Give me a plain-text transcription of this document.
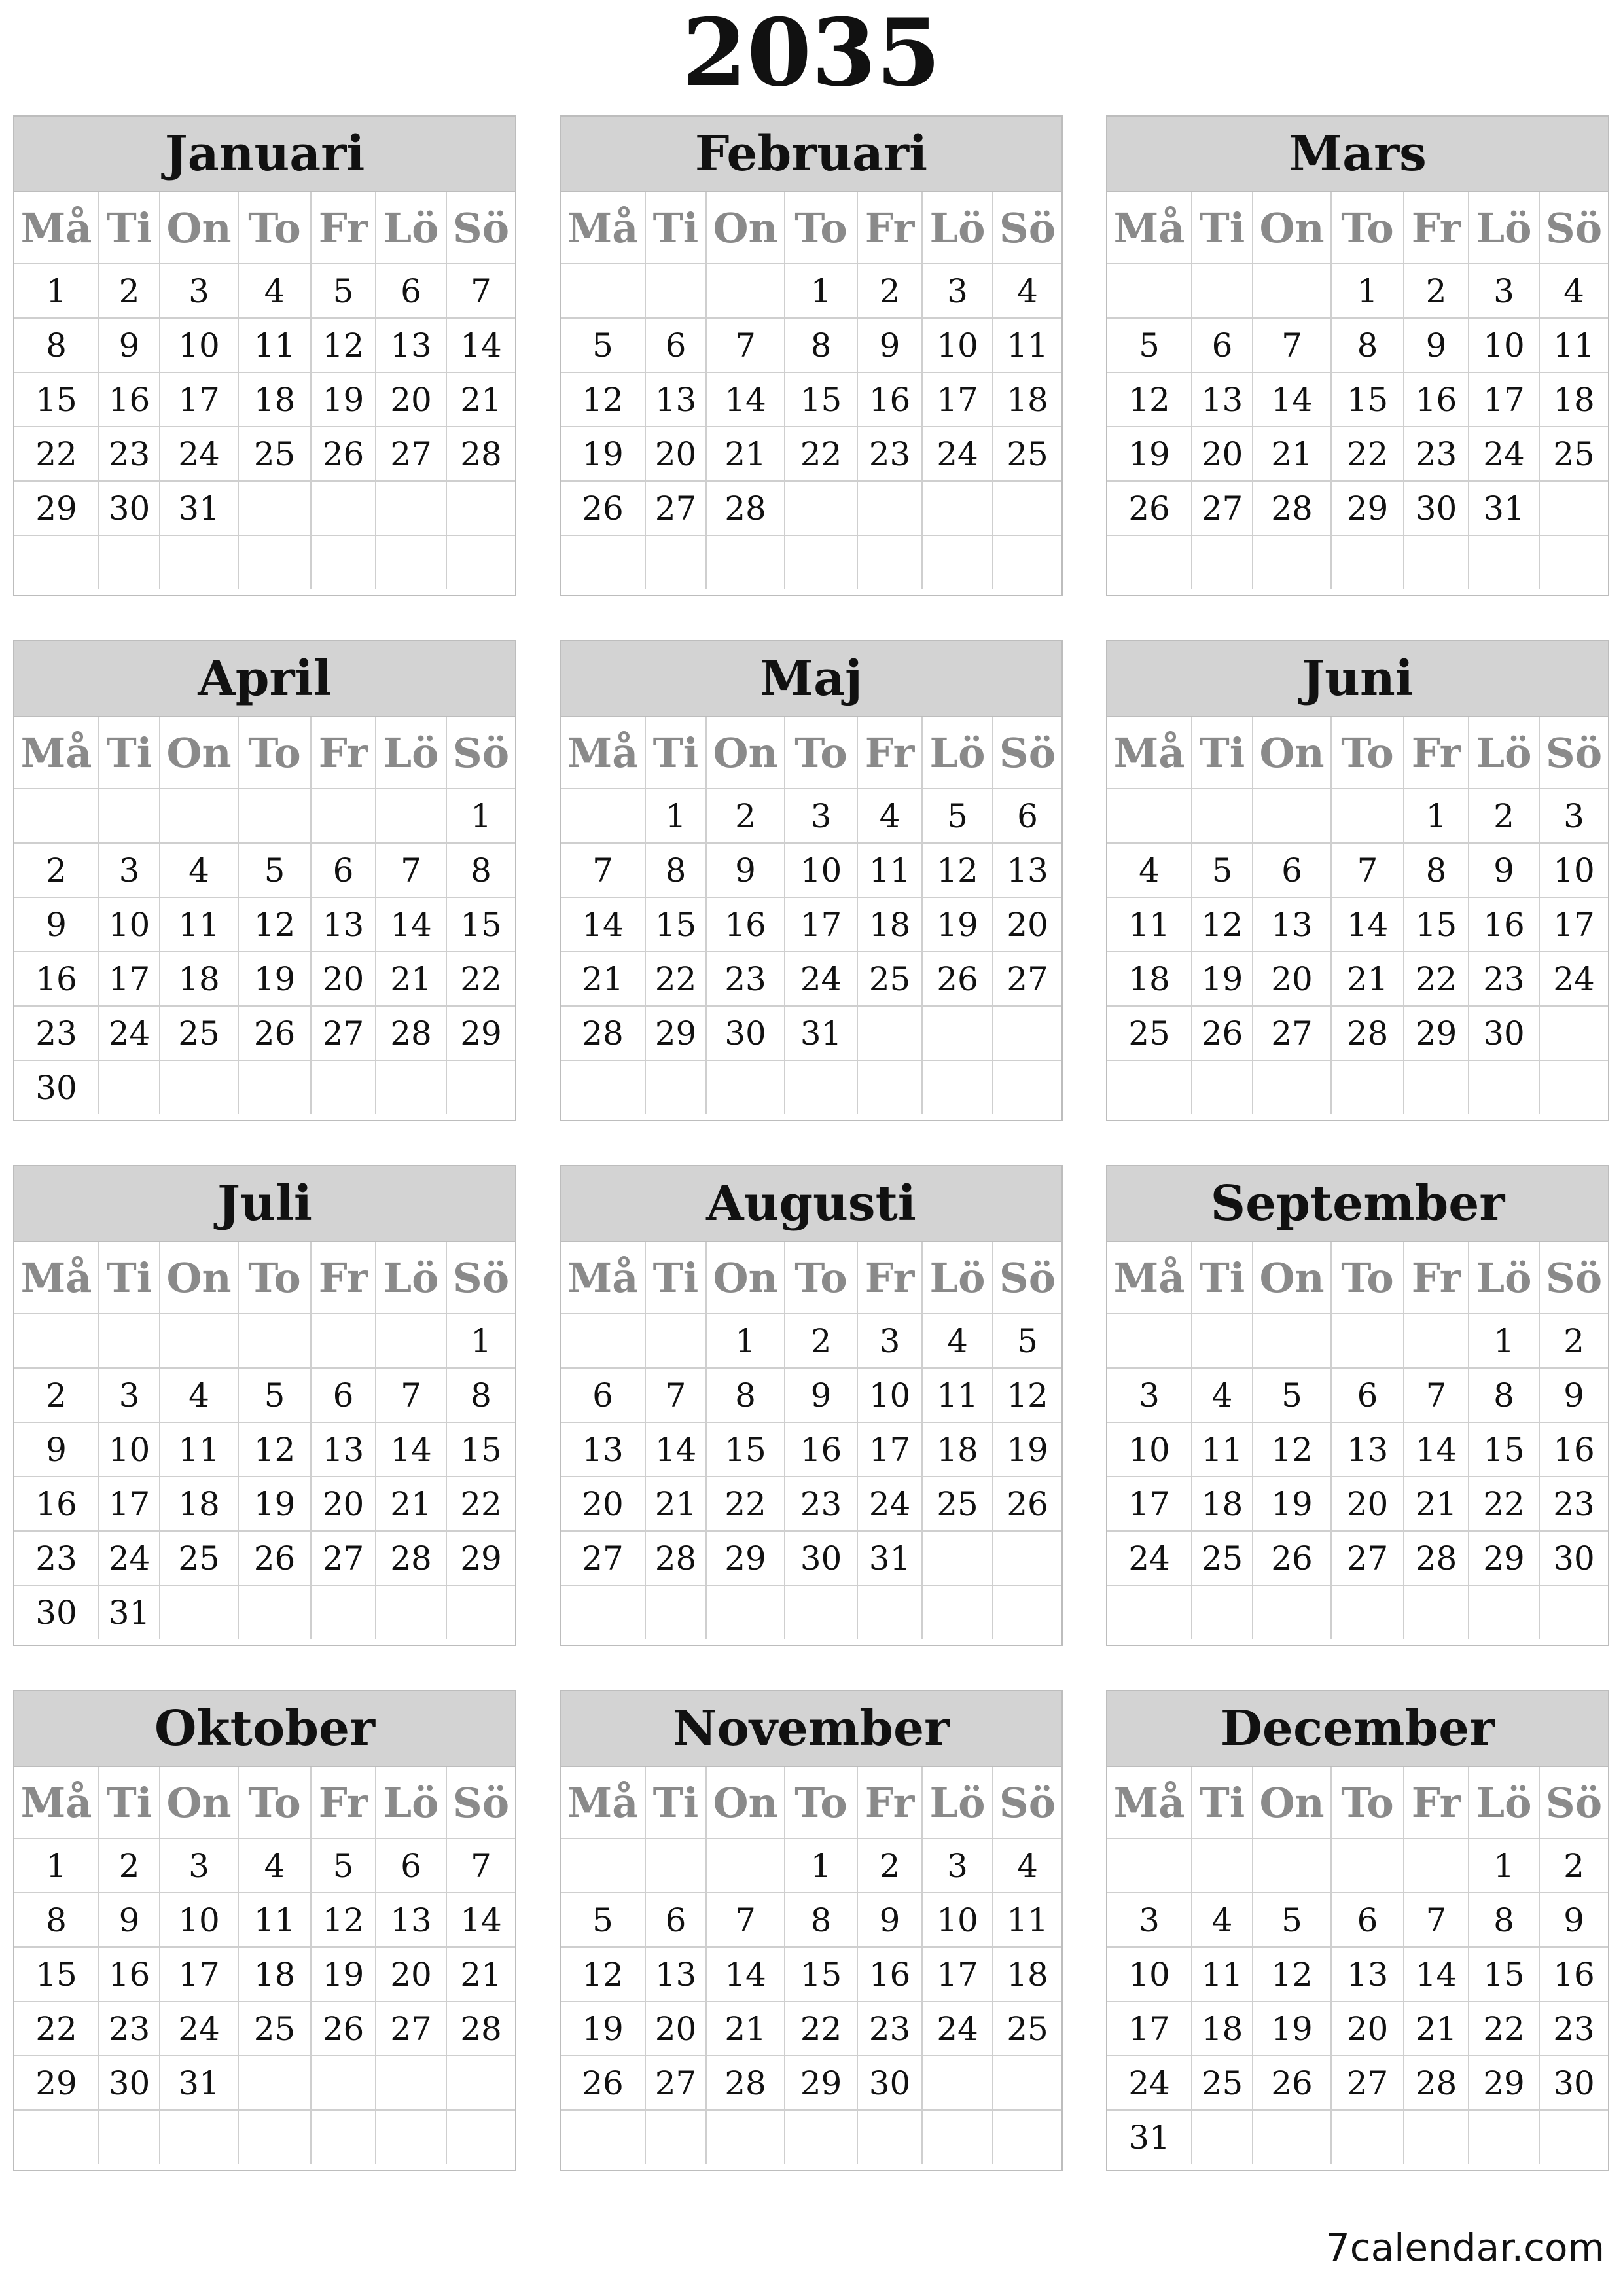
2035
Januari
Må	Ti	On	To	Fr	Lö	Sö
1	2	3	4	5	6	7
8	9	10	11	12	13	14
15	16	17	18	19	20	21
22	23	24	25	26	27	28
29	30	31				

Februari
Må	Ti	On	To	Fr	Lö	Sö
			1	2	3	4
5	6	7	8	9	10	11
12	13	14	15	16	17	18
19	20	21	22	23	24	25
26	27	28				

Mars
Må	Ti	On	To	Fr	Lö	Sö
			1	2	3	4
5	6	7	8	9	10	11
12	13	14	15	16	17	18
19	20	21	22	23	24	25
26	27	28	29	30	31	

April
Må	Ti	On	To	Fr	Lö	Sö
						1
2	3	4	5	6	7	8
9	10	11	12	13	14	15
16	17	18	19	20	21	22
23	24	25	26	27	28	29
30						
Maj
Må	Ti	On	To	Fr	Lö	Sö
	1	2	3	4	5	6
7	8	9	10	11	12	13
14	15	16	17	18	19	20
21	22	23	24	25	26	27
28	29	30	31			

Juni
Må	Ti	On	To	Fr	Lö	Sö
				1	2	3
4	5	6	7	8	9	10
11	12	13	14	15	16	17
18	19	20	21	22	23	24
25	26	27	28	29	30	

Juli
Må	Ti	On	To	Fr	Lö	Sö
						1
2	3	4	5	6	7	8
9	10	11	12	13	14	15
16	17	18	19	20	21	22
23	24	25	26	27	28	29
30	31					
Augusti
Må	Ti	On	To	Fr	Lö	Sö
		1	2	3	4	5
6	7	8	9	10	11	12
13	14	15	16	17	18	19
20	21	22	23	24	25	26
27	28	29	30	31		

September
Må	Ti	On	To	Fr	Lö	Sö
					1	2
3	4	5	6	7	8	9
10	11	12	13	14	15	16
17	18	19	20	21	22	23
24	25	26	27	28	29	30

Oktober
Må	Ti	On	To	Fr	Lö	Sö
1	2	3	4	5	6	7
8	9	10	11	12	13	14
15	16	17	18	19	20	21
22	23	24	25	26	27	28
29	30	31				

November
Må	Ti	On	To	Fr	Lö	Sö
			1	2	3	4
5	6	7	8	9	10	11
12	13	14	15	16	17	18
19	20	21	22	23	24	25
26	27	28	29	30		

December
Må	Ti	On	To	Fr	Lö	Sö
					1	2
3	4	5	6	7	8	9
10	11	12	13	14	15	16
17	18	19	20	21	22	23
24	25	26	27	28	29	30
31						
7calendar.com
